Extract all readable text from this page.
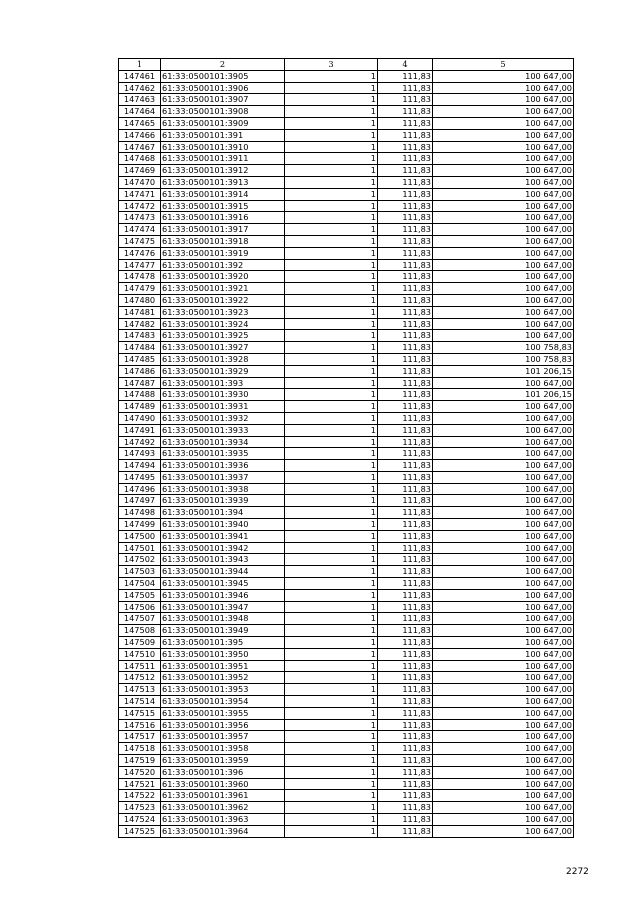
1	2	3	4	5
147461	61:33:0500101:3905	1	111,83	100 647,00
147462	61:33:0500101:3906	1	111,83	100 647,00
147463	61:33:0500101:3907	1	111,83	100 647,00
147464	61:33:0500101:3908	1	111,83	100 647,00
147465	61:33:0500101:3909	1	111,83	100 647,00
147466	61:33:0500101:391	1	111,83	100 647,00
147467	61:33:0500101:3910	1	111,83	100 647,00
147468	61:33:0500101:3911	1	111,83	100 647,00
147469	61:33:0500101:3912	1	111,83	100 647,00
147470	61:33:0500101:3913	1	111,83	100 647,00
147471	61:33:0500101:3914	1	111,83	100 647,00
147472	61:33:0500101:3915	1	111,83	100 647,00
147473	61:33:0500101:3916	1	111,83	100 647,00
147474	61:33:0500101:3917	1	111,83	100 647,00
147475	61:33:0500101:3918	1	111,83	100 647,00
147476	61:33:0500101:3919	1	111,83	100 647,00
147477	61:33:0500101:392	1	111,83	100 647,00
147478	61:33:0500101:3920	1	111,83	100 647,00
147479	61:33:0500101:3921	1	111,83	100 647,00
147480	61:33:0500101:3922	1	111,83	100 647,00
147481	61:33:0500101:3923	1	111,83	100 647,00
147482	61:33:0500101:3924	1	111,83	100 647,00
147483	61:33:0500101:3925	1	111,83	100 647,00
147484	61:33:0500101:3927	1	111,83	100 758,83
147485	61:33:0500101:3928	1	111,83	100 758,83
147486	61:33:0500101:3929	1	111,83	101 206,15
147487	61:33:0500101:393	1	111,83	100 647,00
147488	61:33:0500101:3930	1	111,83	101 206,15
147489	61:33:0500101:3931	1	111,83	100 647,00
147490	61:33:0500101:3932	1	111,83	100 647,00
147491	61:33:0500101:3933	1	111,83	100 647,00
147492	61:33:0500101:3934	1	111,83	100 647,00
147493	61:33:0500101:3935	1	111,83	100 647,00
147494	61:33:0500101:3936	1	111,83	100 647,00
147495	61:33:0500101:3937	1	111,83	100 647,00
147496	61:33:0500101:3938	1	111,83	100 647,00
147497	61:33:0500101:3939	1	111,83	100 647,00
147498	61:33:0500101:394	1	111,83	100 647,00
147499	61:33:0500101:3940	1	111,83	100 647,00
147500	61:33:0500101:3941	1	111,83	100 647,00
147501	61:33:0500101:3942	1	111,83	100 647,00
147502	61:33:0500101:3943	1	111,83	100 647,00
147503	61:33:0500101:3944	1	111,83	100 647,00
147504	61:33:0500101:3945	1	111,83	100 647,00
147505	61:33:0500101:3946	1	111,83	100 647,00
147506	61:33:0500101:3947	1	111,83	100 647,00
147507	61:33:0500101:3948	1	111,83	100 647,00
147508	61:33:0500101:3949	1	111,83	100 647,00
147509	61:33:0500101:395	1	111,83	100 647,00
147510	61:33:0500101:3950	1	111,83	100 647,00
147511	61:33:0500101:3951	1	111,83	100 647,00
147512	61:33:0500101:3952	1	111,83	100 647,00
147513	61:33:0500101:3953	1	111,83	100 647,00
147514	61:33:0500101:3954	1	111,83	100 647,00
147515	61:33:0500101:3955	1	111,83	100 647,00
147516	61:33:0500101:3956	1	111,83	100 647,00
147517	61:33:0500101:3957	1	111,83	100 647,00
147518	61:33:0500101:3958	1	111,83	100 647,00
147519	61:33:0500101:3959	1	111,83	100 647,00
147520	61:33:0500101:396	1	111,83	100 647,00
147521	61:33:0500101:3960	1	111,83	100 647,00
147522	61:33:0500101:3961	1	111,83	100 647,00
147523	61:33:0500101:3962	1	111,83	100 647,00
147524	61:33:0500101:3963	1	111,83	100 647,00
147525	61:33:0500101:3964	1	111,83	100 647,00
2272
